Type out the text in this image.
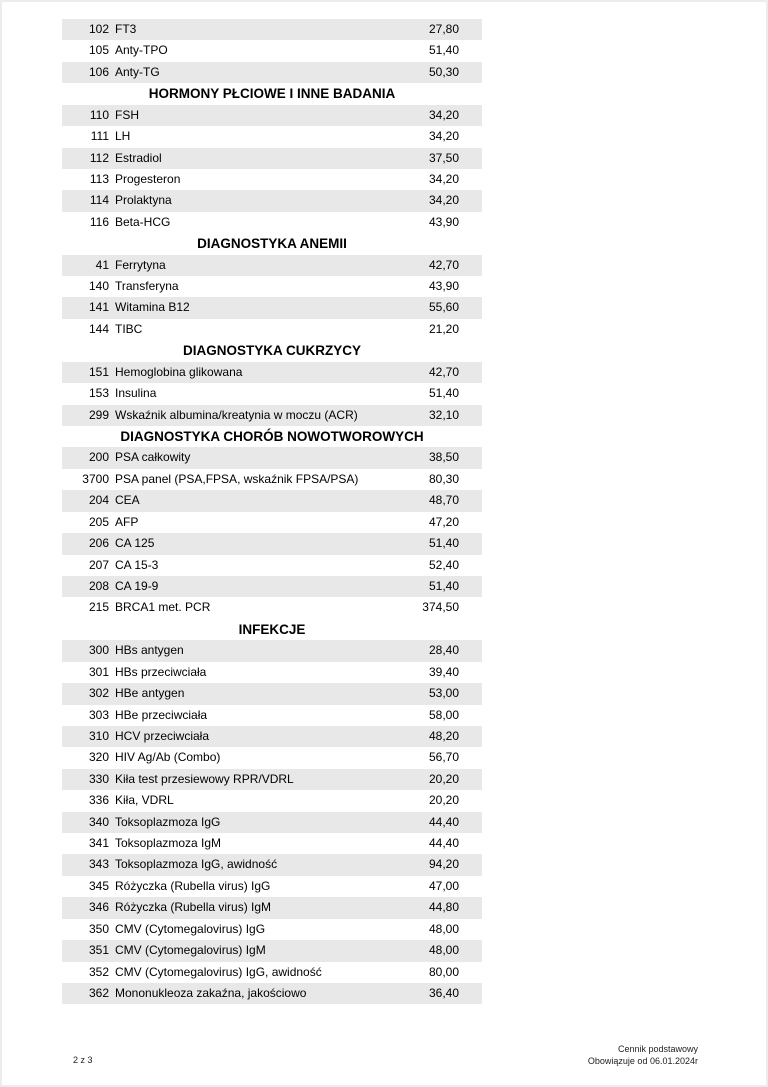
102 FT3	27,80
105 Anty-TPO	51,40
106 Anty-TG	50,30
HORMONY PŁCIOWE I INNE BADANIA
110 FSH	34,20
111 LH	34,20
112 Estradiol	37,50
113 Progesteron	34,20
114 Prolaktyna	34,20
116 Beta-HCG	43,90
DIAGNOSTYKA ANEMII
41 Ferrytyna	42,70
140 Transferyna	43,90
141 Witamina B12	55,60
144 TIBC	21,20
DIAGNOSTYKA CUKRZYCY
151 Hemoglobina glikowana	42,70
153 Insulina	51,40
299 Wskaźnik albumina/kreatynia w moczu (ACR)	32,10
DIAGNOSTYKA CHORÓB NOWOTWOROWYCH
200 PSA całkowity	38,50
3700 PSA panel (PSA,FPSA, wskaźnik FPSA/PSA)	80,30
204 CEA	48,70
205 AFP	47,20
206 CA 125	51,40
207 CA 15-3	52,40
208 CA 19-9	51,40
215 BRCA1 met. PCR	374,50
INFEKCJE
300 HBs antygen	28,40
301 HBs przeciwciała	39,40
302 HBe antygen	53,00
303 HBe przeciwciała	58,00
310 HCV przeciwciała	48,20
320 HIV Ag/Ab (Combo)	56,70
330 Kiła test przesiewowy RPR/VDRL	20,20
336 Kiła, VDRL	20,20
340 Toksoplazmoza IgG	44,40
341 Toksoplazmoza IgM	44,40
343 Toksoplazmoza IgG, awidność	94,20
345 Różyczka (Rubella virus) IgG	47,00
346 Różyczka (Rubella virus) IgM	44,80
350 CMV (Cytomegalovirus) IgG	48,00
351 CMV (Cytomegalovirus) IgM	48,00
352 CMV (Cytomegalovirus) IgG, awidność	80,00
362 Mononukleoza zakaźna, jakościowo	36,40
2 z 3
Cennik podstawowy
Obowiązuje od 06.01.2024r
